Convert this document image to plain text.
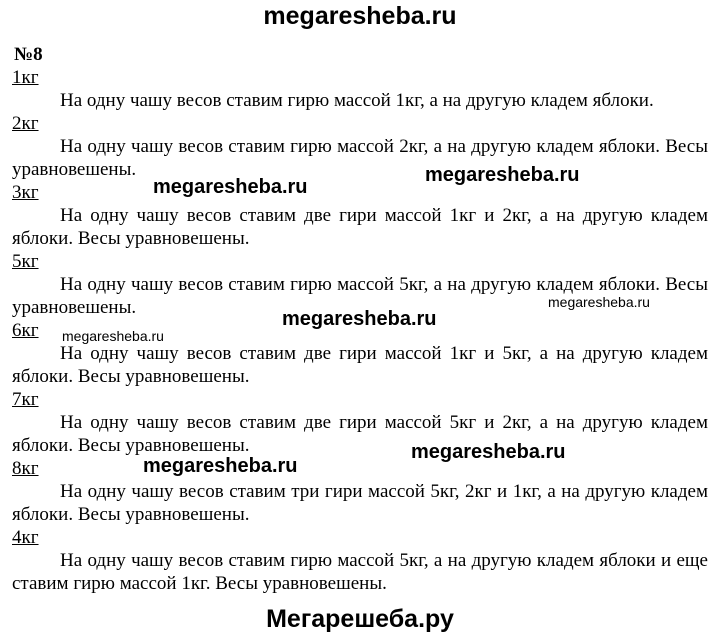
megaresheba.ru
№8
1кг

На одну чашу весов ставим гирю массой 1кг, а на другую кладем яблоки.

2кг

На одну чашу весов ставим гирю массой 2кг, а на другую кладем яблоки. Весы уравновешены.

3кг

На одну чашу весов ставим две гири массой 1кг и 2кг, а на другую кладем яблоки. Весы уравновешены.

5кг

На одну чашу весов ставим гирю массой 5кг, а на другую кладем яблоки. Весы уравновешены.

6кг

На одну чашу весов ставим две гири массой 1кг и 5кг, а на другую кладем яблоки. Весы уравновешены.

7кг

На одну чашу весов ставим две гири массой 5кг и 2кг, а на другую кладем яблоки. Весы уравновешены.

8кг

На одну чашу весов ставим три гири массой 5кг, 2кг и 1кг, а на другую кладем яблоки. Весы уравновешены.

4кг

На одну чашу весов ставим гирю массой 5кг, а на другую кладем яблоки и еще ставим гирю массой 1кг. Весы уравновешены.

megaresheba.ru
megaresheba.ru
megaresheba.ru
megaresheba.ru
megaresheba.ru
megaresheba.ru
megaresheba.ru
Мегарешеба.ру
